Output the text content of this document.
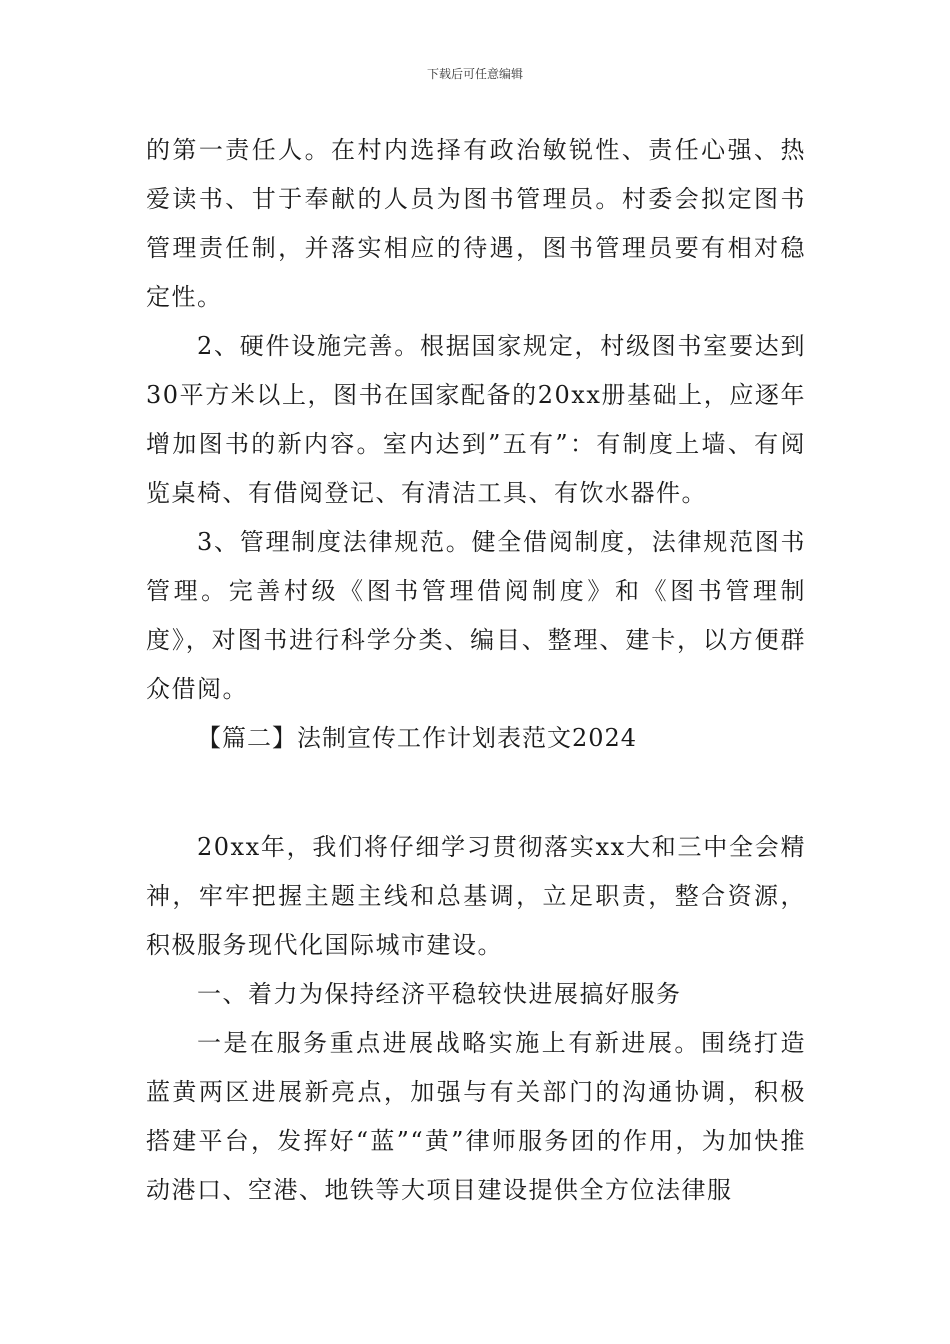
下载后可任意编辑

的第一责任人。在村内选择有政治敏锐性、责任心强、热爱读书、甘于奉献的人员为图书管理员。村委会拟定图书管理责任制，并落实相应的待遇，图书管理员要有相对稳定性。

2、硬件设施完善。根据国家规定，村级图书室要达到30平方米以上，图书在国家配备的20xx册基础上，应逐年增加图书的新内容。室内达到”五有”：有制度上墙、有阅览桌椅、有借阅登记、有清洁工具、有饮水器件。

3、管理制度法律规范。健全借阅制度，法律规范图书管理。完善村级《图书管理借阅制度》和《图书管理制度》，对图书进行科学分类、编目、整理、建卡，以方便群众借阅。

【篇二】法制宣传工作计划表范文2024

20xx年，我们将仔细学习贯彻落实xx大和三中全会精神，牢牢把握主题主线和总基调，立足职责，整合资源，积极服务现代化国际城市建设。

一、着力为保持经济平稳较快进展搞好服务

一是在服务重点进展战略实施上有新进展。围绕打造蓝黄两区进展新亮点，加强与有关部门的沟通协调，积极搭建平台，发挥好“蓝”“黄”律师服务团的作用，为加快推动港口、空港、地铁等大项目建设提供全方位法律服
